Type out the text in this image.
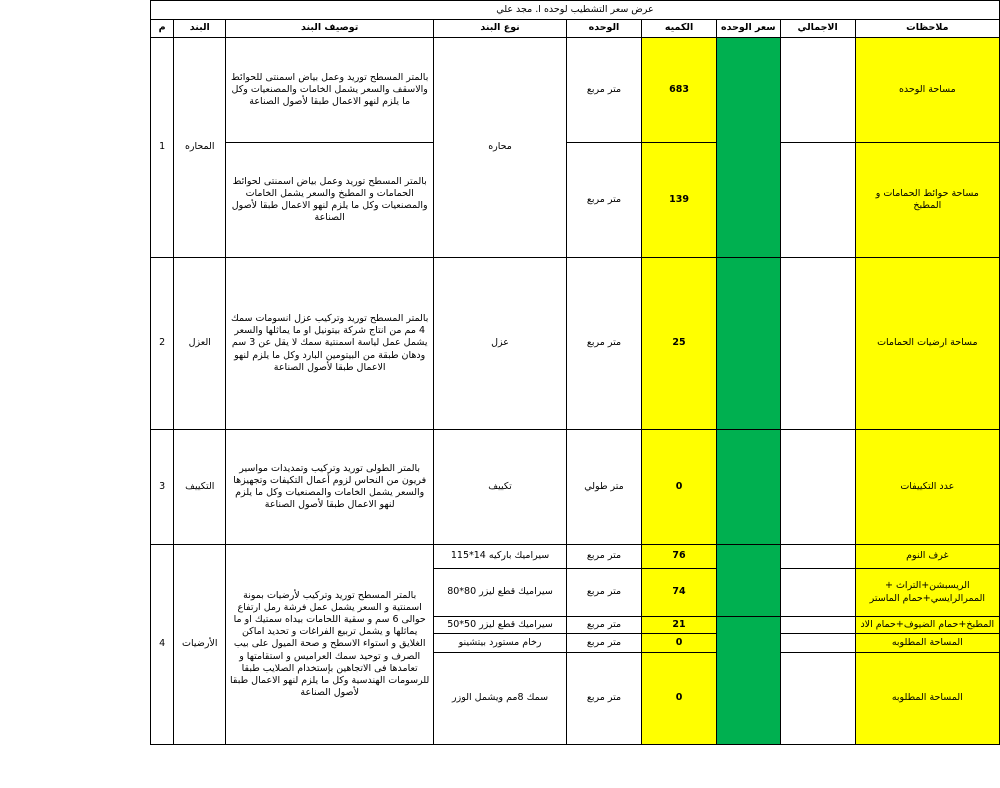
عرض سعر التشطيب لوحده ا. مجد علي								
ملاحظات	الاجمالي	سعر الوحده	الكميه	الوحده	نوع البند	توصيف البند	البند	م
مساحة الوحده			683	متر مربع	محاره	بالمتر المسطح توريد وعمل بياض اسمنتى للحوائط والاسقف والسعر يشمل الخامات والمصنعيات وكل ما يلزم لنهو الاعمال طبقا لأصول الصناعة	المحاره	1

مساحة حوائط الحمامات و
المطبخ			139	متر مربع		بالمتر المسطح توريد وعمل بياض اسمنتى لحوائط الحمامات و المطبخ والسعر يشمل الخامات والمصنعيات وكل ما يلزم لنهو الاعمال طبقا لأصول الصناعة		
مساحة ارضيات الحمامات			25	متر مربع	عزل	بالمتر المسطح توريد وتركيب عزل انسومات سمك 4 مم من انتاج شركة بيتونيل او ما يماثلها والسعر يشمل عمل لياسة اسمنتية سمك لا يقل عن 3 سم ودهان طبقة من البيتومين البارد وكل ما يلزم لنهو الاعمال طبقا لأصول الصناعة	العزل	2
عدد التكييفات			0	متر طولي	تكييف	بالمتر الطولى توريد وتركيب وتمديدات مواسير فريون من النحاس لزوم أعمال التكيفات وتجهيزها والسعر يشمل الخامات والمصنعيات وكل ما يلزم لنهو الاعمال طبقا لأصول الصناعة	التكييف	3
غرف النوم			76	متر مربع	سيراميك باركيه 14*115	بالمتر المسطح توريد وتركيب لأرضيات بمونة اسمنتية و السعر يشمل عمل فرشة رمل ارتفاع حوالى 6 سم و سقية اللحامات بيداه سمتيك او ما يماثلها و يشمل تربيع الفراغات و تحديد اماكن الغلايق و استواء الاسطح و صحة الميول على بيب الصرف و توحيد سمك العراميس و استقامتها و تعامدها فى الاتجاهين بإستخدام الصلايب طبقا للرسومات الهندسية وكل ما يلزم لنهو الاعمال طبقا لأصول الصناعة	الأرضيات	4

الريسبشن+التراث +
الممرالرايسي+حمام الماستر			74	متر مربع	سيراميك قطع ليزر 80*80			
المطبخ+حمام الضيوف+حمام الاد			21	متر مربع	سيراميك قطع ليزر 50*50			
المساحة المطلوبه			0	متر مربع	رخام مستورد بيتشينو			
المساحة المطلوبه			0	متر مربع	سمك 8مم ويشمل الوزر			
